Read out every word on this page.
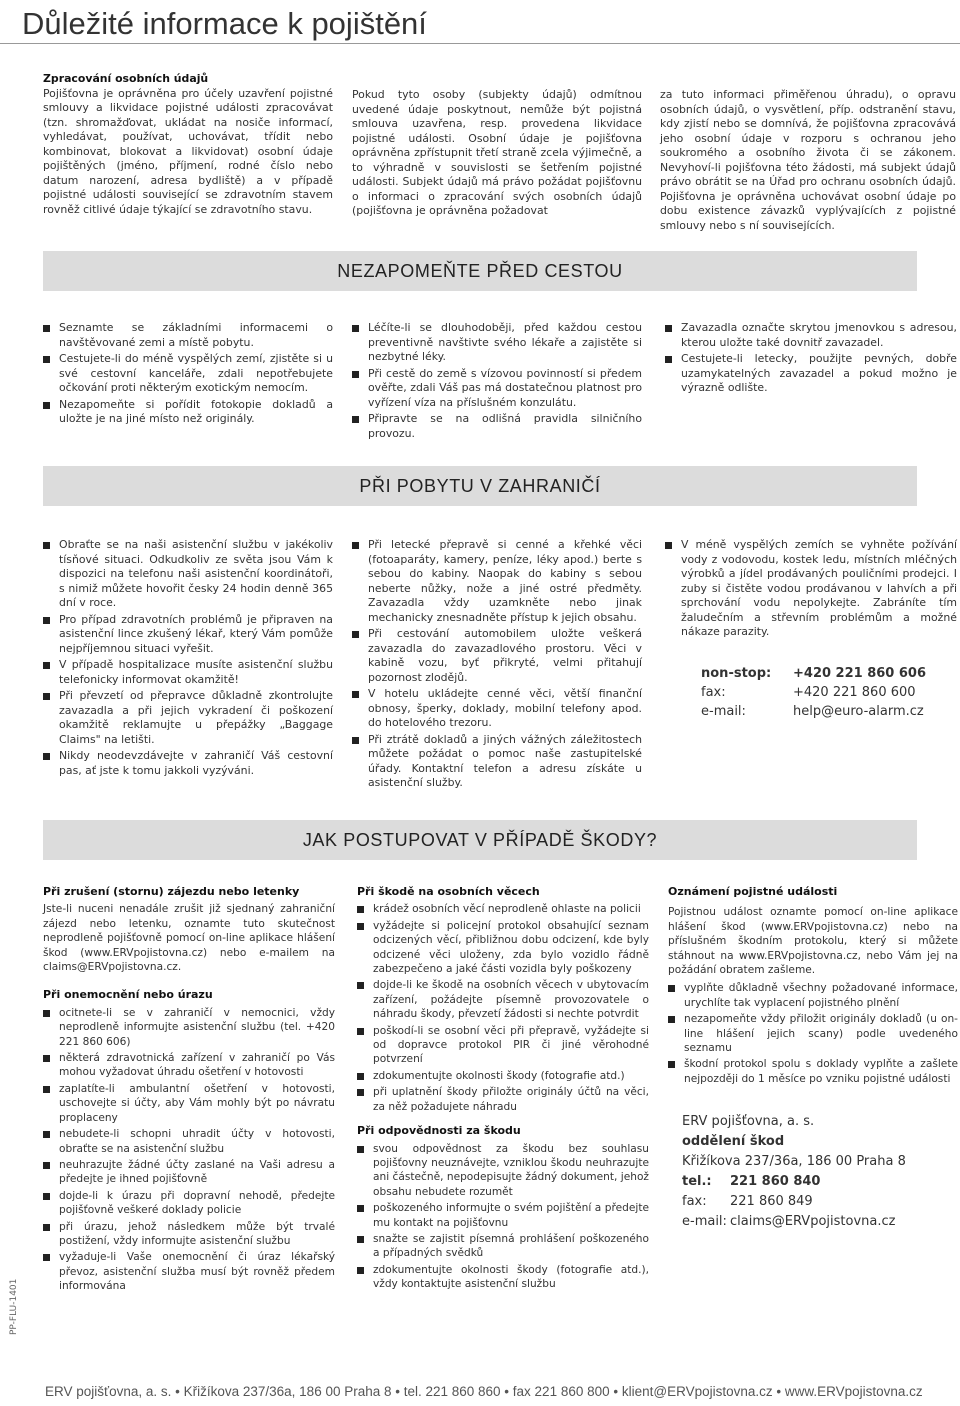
Důležité informace k pojištění

Zpracování osobních údajů

Pojišťovna je oprávněna pro účely uzavření pojistné smlouvy a likvidace pojistné události zpracovávat (tzn. shromažďovat, ukládat na nosiče informací, vyhledávat, používat, uchovávat, třídit nebo kombinovat, blokovat a likvidovat) osobní údaje pojištěných (jméno, příjmení, rodné číslo nebo datum narození, adresa bydliště) a v případě pojistné události související se zdravotním stavem rovněž citlivé údaje týkající se zdravotního stavu.

Pokud tyto osoby (subjekty údajů) odmítnou uvedené údaje poskytnout, nemůže být pojistná smlouva uzavřena, resp. provedena likvidace pojistné události. Osobní údaje je pojišťovna oprávněna zpřístupnit třetí straně zcela výjimečně, a to výhradně v souvislosti se šetřením pojistné události. Subjekt údajů má právo požádat pojišťovnu o informaci o zpracování svých osobních údajů (pojišťovna je oprávněna požadovat

za tuto informaci přiměřenou úhradu), o opravu osobních údajů, o vysvětlení, příp. odstranění stavu, kdy zjistí nebo se domnívá, že pojišťovna zpracovává jeho osobní údaje v rozporu s ochranou jeho soukromého a osobního života či se zákonem. Nevyhoví-li pojišťovna této žádosti, má subjekt údajů právo obrátit se na Úřad pro ochranu osobních údajů. Pojišťovna je oprávněna uchovávat osobní údaje po dobu existence závazků vyplývajících z pojistné smlouvy nebo s ní souvisejících.

NEZAPOMEŇTE PŘED CESTOU
Seznamte se základními informacemi o navštěvované zemi a místě pobytu.
Cestujete-li do méně vyspělých zemí, zjistěte si u své cestovní kanceláře, zdali nepotřebujete očkování proti některým exotickým nemocím.
Nezapomeňte si pořídit fotokopie dokladů a uložte je na jiné místo než originály.
Léčíte-li se dlouhodoběji, před každou cestou preventivně navštivte svého lékaře a zajistěte si nezbytné léky.
Při cestě do země s vízovou povinností si předem ověřte, zdali Váš pas má dostatečnou platnost pro vyřízení víza na příslušném konzulátu.
Připravte se na odlišná pravidla silničního provozu.
Zavazadla označte skrytou jmenovkou s adresou, kterou uložte také dovnitř zavazadel.
Cestujete-li letecky, použijte pevných, dobře uzamykatelných zavazadel a pokud možno je výrazně odlište.
PŘI POBYTU V ZAHRANIČÍ
Obraťte se na naši asistenční službu v jakékoliv tísňové situaci. Odkudkoliv ze světa jsou Vám k dispozici na telefonu naši asistenční koordinátoři, s nimiž můžete hovořit česky 24 hodin denně 365 dní v roce.
Pro případ zdravotních problémů je připraven na asistenční lince zkušený lékař, který Vám pomůže nejpříjemnou situaci vyřešit.
V případě hospitalizace musíte asistenční službu telefonicky informovat okamžitě!
Při převzetí od přepravce důkladně zkontrolujte zavazadla a při jejich vykradení či poškození okamžitě reklamujte u přepážky „Baggage Claims" na letišti.
Nikdy neodevzdávejte v zahraničí Váš cestovní pas, ať jste k tomu jakkoli vyzýváni.
Při letecké přepravě si cenné a křehké věci (fotoaparáty, kamery, peníze, léky apod.) berte s sebou do kabiny. Naopak do kabiny s sebou neberte nůžky, nože a jiné ostré předměty. Zavazadla vždy uzamkněte nebo jinak mechanicky znesnadněte přístup k jejich obsahu.
Při cestování automobilem uložte veškerá zavazadla do zavazadlového prostoru. Věci v kabině vozu, byť přikryté, velmi přitahují pozornost zlodějů.
V hotelu ukládejte cenné věci, větší finanční obnosy, šperky, doklady, mobilní telefony apod. do hotelového trezoru.
Při ztrátě dokladů a jiných vážných záležitostech můžete požádat o pomoc naše zastupitelské úřady. Kontaktní telefon a adresu získáte u asistenční služby.
V méně vyspělých zemích se vyhněte požívání vody z vodovodu, kostek ledu, místních mléčných výrobků a jídel prodávaných pouličními prodejci. I zuby si čistěte vodou prodávanou v lahvích a při sprchování vodu nepolykejte. Zabráníte tím žaludečním a střevním problémům a možné nákaze parazity.
non-stop:	+420 221 860 606
fax:	+420 221 860 600
e-mail:	help@euro-alarm.cz
JAK POSTUPOVAT V PŘÍPADĚ ŠKODY?
Při zrušení (stornu) zájezdu nebo letenky

Jste-li nuceni nenadále zrušit již sjednaný zahraniční zájezd nebo letenku, oznamte tuto skutečnost neprodleně pojišťovně pomocí on-line aplikace hlášení škod (www.ERVpojistovna.cz) nebo e-mailem na claims@ERVpojistovna.cz.

Při onemocnění nebo úrazu
ocitnete-li se v zahraničí v nemocnici, vždy neprodleně informujte asistenční službu (tel. +420 221 860 606)
některá zdravotnická zařízení v zahraničí po Vás mohou vyžadovat úhradu ošetření v hotovosti
zaplatíte-li ambulantní ošetření v hotovosti, uschovejte si účty, aby Vám mohly být po návratu proplaceny
nebudete-li schopni uhradit účty v hotovosti, obraťte se na asistenční službu
neuhrazujte žádné účty zaslané na Vaši adresu a předejte je ihned pojišťovně
dojde-li k úrazu při dopravní nehodě, předejte pojišťovně veškeré doklady policie
při úrazu, jehož následkem může být trvalé postižení, vždy informujte asistenční službu
vyžaduje-li Vaše onemocnění či úraz lékařský převoz, asistenční služba musí být rovněž předem informována
Při škodě na osobních věcech
krádež osobních věcí neprodleně ohlaste na policii
vyžádejte si policejní protokol obsahující seznam odcizených věcí, přibližnou dobu odcizení, kde byly odcizené věci uloženy, zda bylo vozidlo řádně zabezpečeno a jaké části vozidla byly poškozeny
dojde-li ke škodě na osobních věcech v ubytovacím zařízení, požádejte písemně provozovatele o náhradu škody, převzetí žádosti si nechte potvrdit
poškodí-li se osobní věci při přepravě, vyžádejte si od dopravce protokol PIR či jiné věrohodné potvrzení
zdokumentujte okolnosti škody (fotografie atd.)
při uplatnění škody přiložte originály účtů na věci, za něž požadujete náhradu
Při odpovědnosti za škodu
svou odpovědnost za škodu bez souhlasu pojišťovny neuznávejte, vzniklou škodu neuhrazujte ani částečně, nepodepisujte žádný dokument, jehož obsahu nebudete rozumět
poškozeného informujte o svém pojištění a předejte mu kontakt na pojišťovnu
snažte se zajistit písemná prohlášení poškozeného a případných svědků
zdokumentujte okolnosti škody (fotografie atd.), vždy kontaktujte asistenční službu
Oznámení pojistné události

Pojistnou událost oznamte pomocí on-line aplikace hlášení škod (www.ERVpojistovna.cz) nebo na příslušném škodním protokolu, který si můžete stáhnout na www.ERVpojistovna.cz, nebo Vám jej na požádání obratem zašleme.

vyplňte důkladně všechny požadované informace, urychlíte tak vyplacení pojistného plnění
nezapomeňte vždy přiložit originály dokladů (u on-line hlášení jejich scany) podle uvedeného seznamu
škodní protokol spolu s doklady vyplňte a zašlete nejpozději do 1 měsíce po vzniku pojistné události
ERV pojišťovna, a. s.
oddělení škod
Křižíkova 237/36a, 186 00 Praha 8
tel.:	221 860 840
fax:	221 860 849
e-mail:	claims@ERVpojistovna.cz
PP-FLU-1401
ERV pojišťovna, a. s. • Křižíkova 237/36a, 186 00 Praha 8 • tel. 221 860 860 • fax 221 860 800 • klient@ERVpojistovna.cz • www.ERVpojistovna.cz
